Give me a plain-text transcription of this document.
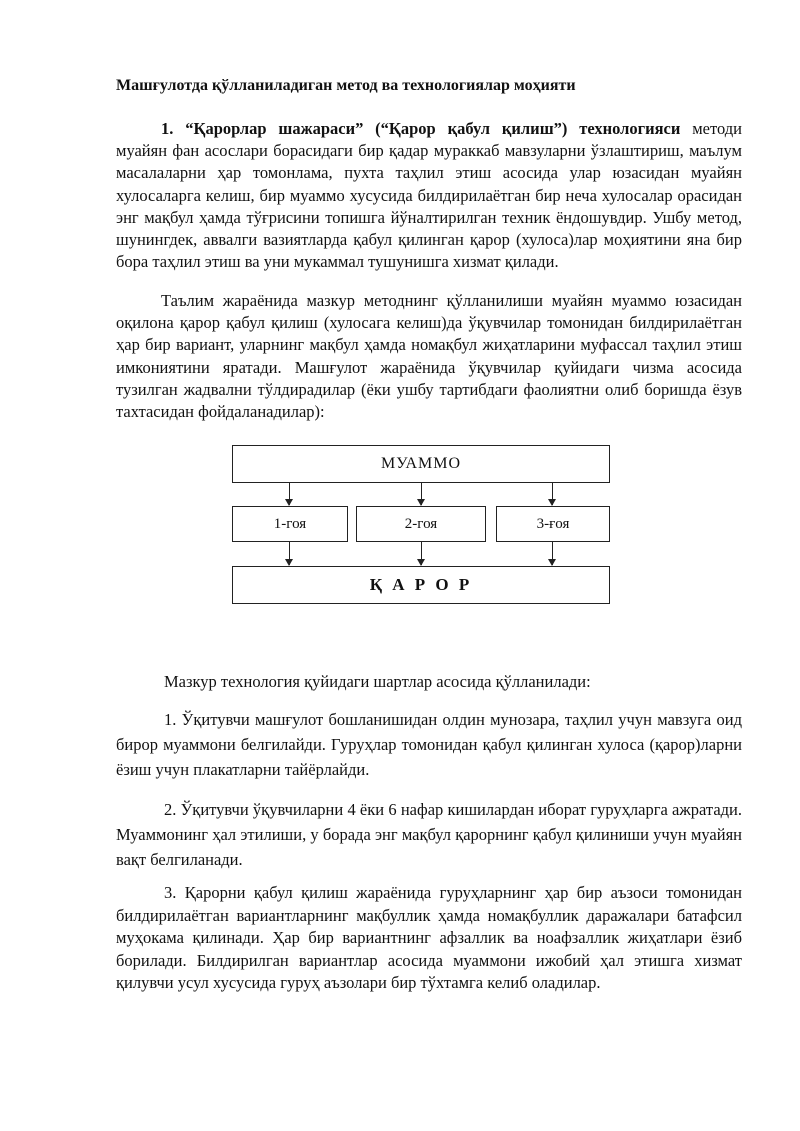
Машғулотда қўлланиладиган метод ва технологиялар моҳияти

1. “Қарорлар шажараси” (“Қарор қабул қилиш”) технологияси методи муайян фан асослари борасидаги бир қадар мураккаб мавзуларни ўзлаштириш, маълум масалаларни ҳар томонлама, пухта таҳлил этиш асосида улар юзасидан муайян хулосаларга келиш, бир муаммо хусусида билдирилаётган бир неча хулосалар орасидан энг мақбул ҳамда тўғрисини топишга йўналтирилган техник ёндошувдир. Ушбу метод, шунингдек, аввалги вазиятларда қабул қилинган қарор (хулоса)лар моҳиятини яна бир бора таҳлил этиш ва уни мукаммал тушунишга хизмат қилади.

Таълим жараёнида мазкур методнинг қўлланилиши муайян муаммо юзасидан оқилона қарор қабул қилиш (хулосага келиш)да ўқувчилар томонидан билдирилаётган ҳар бир вариант, уларнинг мақбул ҳамда номақбул жиҳатларини муфассал таҳлил этиш имкониятини яратади. Машғулот жараёнида ўқувчилар қуйидаги чизма асосида тузилган жадвални тўлдирадилар (ёки ушбу тартибдаги фаолиятни олиб боришда ёзув тахтасидан фойдаланадилар):

МУАММО
1-гоя	2-гоя	3-ғоя
Қ А Р О Р

Мазкур технология қуйидаги шартлар асосида қўлланилади:

1. Ўқитувчи машғулот бошланишидан олдин мунозара, таҳлил учун мавзуга оид бирор муаммони белгилайди. Гуруҳлар томонидан қабул қилинган хулоса (қарор)ларни ёзиш учун плакатларни тайёрлайди.

2. Ўқитувчи ўқувчиларни 4 ёки 6 нафар кишилардан иборат гуруҳларга ажратади. Муаммонинг ҳал этилиши, у борада энг мақбул қарорнинг қабул қилиниши учун муайян вақт белгиланади.

3. Қарорни қабул қилиш жараёнида гуруҳларнинг ҳар бир аъзоси томонидан билдирилаётган вариантларнинг мақбуллик ҳамда номақбуллик даражалари батафсил муҳокама қилинади. Ҳар бир вариантнинг афзаллик ва ноафзаллик жиҳатлари ёзиб борилади. Билдирилган вариантлар асосида муаммони ижобий ҳал этишга хизмат қилувчи усул хусусида гуруҳ аъзолари бир тўхтамга келиб оладилар.
